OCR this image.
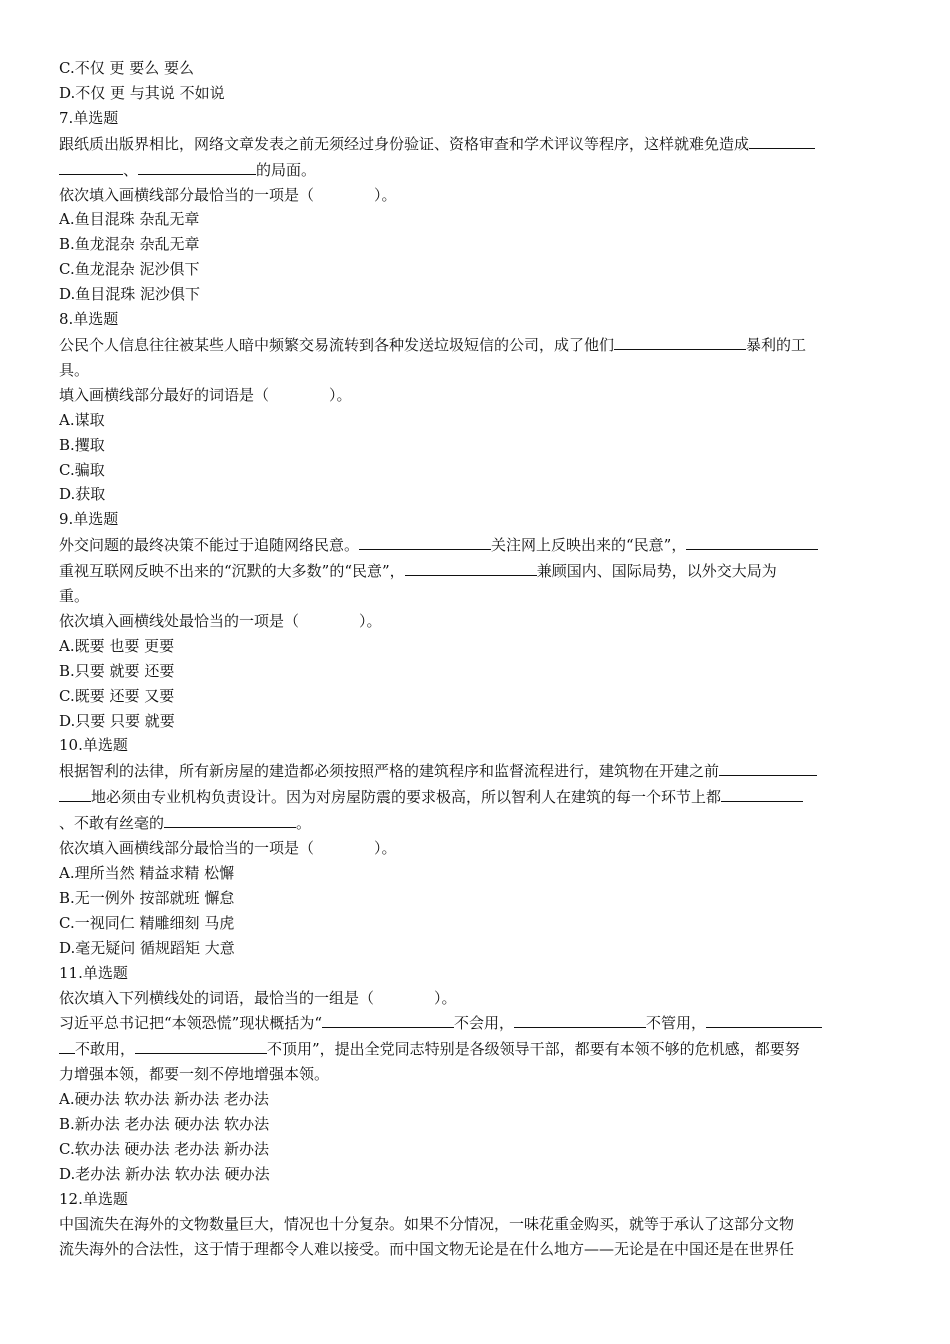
C.不仅 更 要么 要么
D.不仅 更 与其说 不如说
7.单选题
跟纸质出版界相比，网络文章发表之前无须经过身份验证、资格审查和学术评议等程序，这样就难免造成
、	的局面。
依次填入画横线部分最恰当的一项是（　　　　）。
A.鱼目混珠 杂乱无章
B.鱼龙混杂 杂乱无章
C.鱼龙混杂 泥沙俱下
D.鱼目混珠 泥沙俱下
8.单选题
公民个人信息往往被某些人暗中频繁交易流转到各种发送垃圾短信的公司，成了他们	暴利的工
具。
填入画横线部分最好的词语是（　　　　）。
A.谋取
B.攫取
C.骗取
D.获取
9.单选题
外交问题的最终决策不能过于追随网络民意。	关注网上反映出来的“民意”，
重视互联网反映不出来的“沉默的大多数”的“民意”，	兼顾国内、国际局势，以外交大局为
重。
依次填入画横线处最恰当的一项是（　　　　）。
A.既要 也要 更要
B.只要 就要 还要
C.既要 还要 又要
D.只要 只要 就要
10.单选题
根据智利的法律，所有新房屋的建造都必须按照严格的建筑程序和监督流程进行，建筑物在开建之前
地必须由专业机构负责设计。因为对房屋防震的要求极高，所以智利人在建筑的每一个环节上都
、不敢有丝毫的	。
依次填入画横线部分最恰当的一项是（　　　　）。
A.理所当然 精益求精 松懈
B.无一例外 按部就班 懈怠
C.一视同仁 精雕细刻 马虎
D.毫无疑问 循规蹈矩 大意
11.单选题
依次填入下列横线处的词语，最恰当的一组是（　　　　）。
习近平总书记把“本领恐慌”现状概括为“	不会用，	不管用，
不敢用，	不顶用”，提出全党同志特别是各级领导干部，都要有本领不够的危机感，都要努
力增强本领，都要一刻不停地增强本领。
A.硬办法 软办法 新办法 老办法
B.新办法 老办法 硬办法 软办法
C.软办法 硬办法 老办法 新办法
D.老办法 新办法 软办法 硬办法
12.单选题
中国流失在海外的文物数量巨大，情况也十分复杂。如果不分情况，一味花重金购买，就等于承认了这部分文物
流失海外的合法性，这于情于理都令人难以接受。而中国文物无论是在什么地方——无论是在中国还是在世界任
